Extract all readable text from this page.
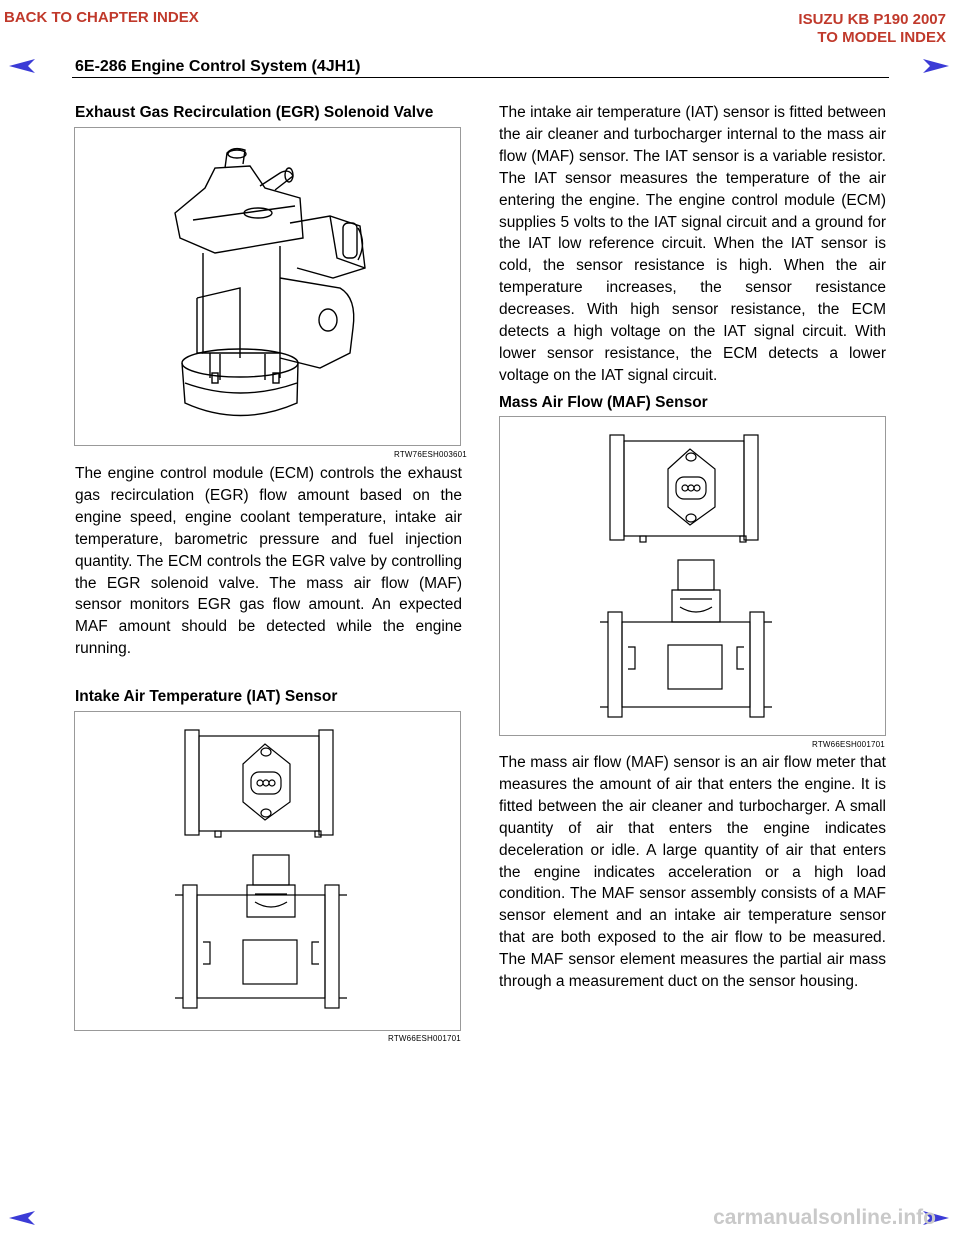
BACK TO CHAPTER INDEX	ISUZU KB P190 2007
TO MODEL INDEX
6E-286 Engine Control System (4JH1)
Exhaust Gas Recirculation (EGR) Solenoid Valve
RTW76ESH003601
The engine control module (ECM) controls the exhaust gas recirculation (EGR) flow amount based on the engine speed, engine coolant temperature, intake air temperature, barometric pressure and fuel injection quantity. The ECM controls the EGR valve by controlling the EGR solenoid valve. The mass air flow (MAF) sensor monitors EGR gas flow amount. An expected MAF amount should be detected while the engine running.
Intake Air Temperature (IAT) Sensor
RTW66ESH001701
The intake air temperature (IAT) sensor is fitted between the air cleaner and turbocharger internal to the mass air flow (MAF) sensor. The IAT sensor is a variable resistor. The IAT sensor measures the temperature of the air entering the engine. The engine control module (ECM) supplies 5 volts to the IAT signal circuit and a ground for the IAT low reference circuit. When the IAT sensor is cold, the sensor resistance is high. When the air temperature increases, the sensor resistance decreases. With high sensor resistance, the ECM detects a high voltage on the IAT signal circuit. With lower sensor resistance, the ECM detects a lower voltage on the IAT signal circuit.
Mass Air Flow (MAF) Sensor
RTW66ESH001701
The mass air flow (MAF) sensor is an air flow meter that measures the amount of air that enters the engine. It is fitted between the air cleaner and turbocharger. A small quantity of air that enters the engine indicates deceleration or idle. A large quantity of air that enters the engine indicates acceleration or a high load condition. The MAF sensor assembly consists of a MAF sensor element and an intake air temperature sensor that are both exposed to the air flow to be measured. The MAF sensor element measures the partial air mass through a measurement duct on the sensor housing.
carmanualsonline.info
